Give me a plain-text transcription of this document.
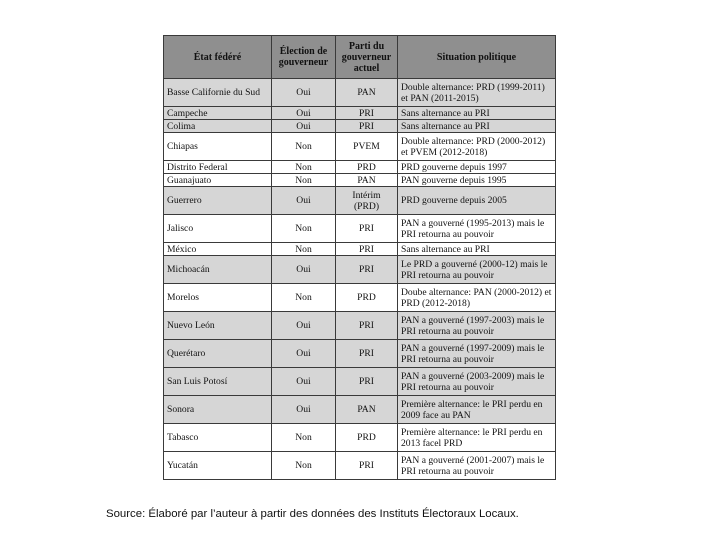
État fédéré	Élection de gouverneur	Parti du gouverneur actuel	Situation politique
Basse Californie du Sud	Oui	PAN	Double alternance: PRD (1999-2011) et PAN (2011-2015)
Campeche	Oui	PRI	Sans alternance au PRI
Colima	Oui	PRI	Sans alternance au PRI
Chiapas	Non	PVEM	Double alternance: PRD (2000-2012) et PVEM (2012-2018)
Distrito Federal	Non	PRD	PRD gouverne depuis 1997
Guanajuato	Non	PAN	PAN gouverne depuis 1995
Guerrero	Oui	Intérim (PRD)	PRD gouverne depuis 2005
Jalisco	Non	PRI	PAN a gouverné (1995-2013) mais le PRI retourna au pouvoir
México	Non	PRI	Sans alternance au PRI
Michoacán	Oui	PRI	Le PRD a gouverné (2000-12) mais le PRI retourna au pouvoir
Morelos	Non	PRD	Doube alternance: PAN (2000-2012) et PRD (2012-2018)
Nuevo León	Oui	PRI	PAN a gouverné (1997-2003) mais le PRI retourna au pouvoir
Querétaro	Oui	PRI	PAN a gouverné (1997-2009) mais le PRI retourna au pouvoir
San Luis Potosí	Oui	PRI	PAN a gouverné (2003-2009) mais le PRI retourna au pouvoir
Sonora	Oui	PAN	Première alternance: le PRI perdu en 2009 face au PAN
Tabasco	Non	PRD	Première alternance: le PRI perdu en 2013 facel PRD
Yucatán	Non	PRI	PAN a gouverné (2001-2007) mais le PRI retourna au pouvoir
Source: Élaboré par l’auteur à partir des données des Instituts Électoraux Locaux.
